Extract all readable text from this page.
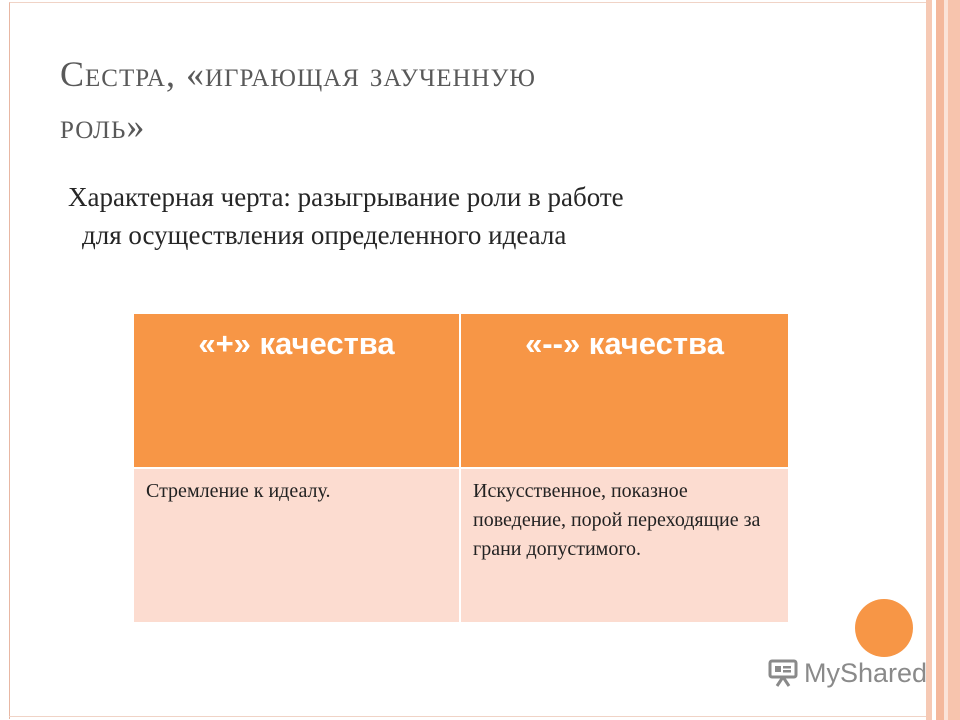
Сестра, «играющая заученную
роль»
Характерная черта: разыгрывание роли в работе
для осуществления определенного идеала
«+» качества	«--» качества
Стремление к идеалу.	Искусственное, показное поведение, порой переходящие за грани допустимого.
MyShared
